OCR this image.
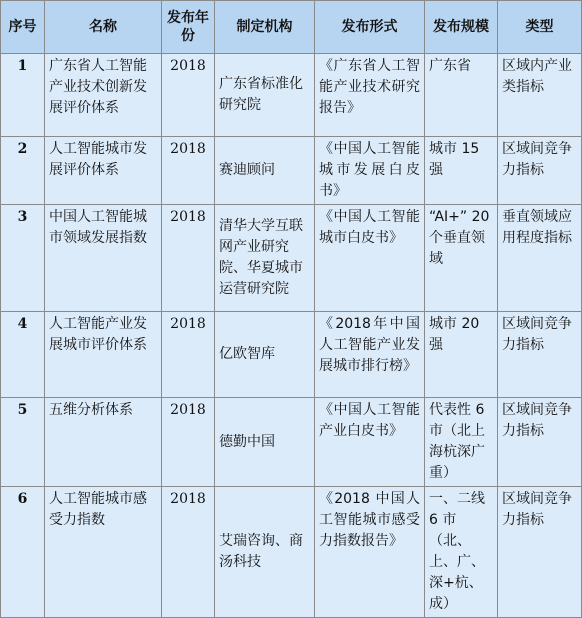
序号	名称	发布年份	制定机构	发布形式	发布规模	类型
1	广东省人工智能产业技术创新发展评价体系	2018	广东省标准化研究院	《广东省人工智能产业技术研究报告》	广东省	区域内产业类指标
2	人工智能城市发展评价体系	2018	赛迪顾问	《中国人工智能城市发展白皮书》	城市 15 强	区域间竞争力指标
3	中国人工智能城市领域发展指数	2018	清华大学互联网产业研究院、华夏城市运营研究院	《中国人工智能城市白皮书》	“AI+” 20 个垂直领域	垂直领域应用程度指标
4	人工智能产业发展城市评价体系	2018	亿欧智库	《2018年中国人工智能产业发展城市排行榜》	城市 20 强	区域间竞争力指标
5	五维分析体系	2018	德勤中国	《中国人工智能产业白皮书》	代表性 6 市（北上海杭深广重）	区域间竞争力指标
6	人工智能城市感受力指数	2018	艾瑞咨询、商汤科技	《2018 中国人工智能城市感受力指数报告》	一、二线 6 市（北、上、广、深+杭、成）	区域间竞争力指标
